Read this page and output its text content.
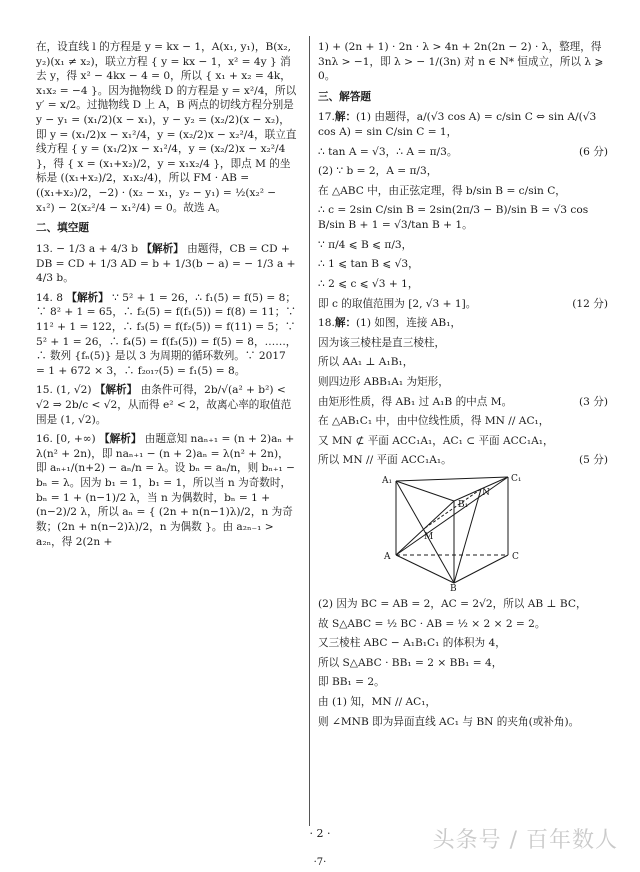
在，设直线 l 的方程是 y = kx − 1，A(x₁, y₁)，B(x₂, y₂)(x₁ ≠ x₂)，联立方程 { y = kx − 1，x² = 4y } 消去 y，得 x² − 4kx − 4 = 0，所以 { x₁ + x₂ = 4k，x₁x₂ = −4 }。因为抛物线 D 的方程是 y = x²/4，所以 y′ = x/2。过抛物线 D 上 A，B 两点的切线方程分别是 y − y₁ = (x₁/2)(x − x₁)，y − y₂ = (x₂/2)(x − x₂)，即 y = (x₁/2)x − x₁²/4，y = (x₂/2)x − x₂²/4，联立直线方程 { y = (x₁/2)x − x₁²/4，y = (x₂/2)x − x₂²/4 }，得 { x = (x₁+x₂)/2，y = x₁x₂/4 }，即点 M 的坐标是 ((x₁+x₂)/2，x₁x₂/4)，所以 FM · AB = ((x₁+x₂)/2，−2) · (x₂ − x₁，y₂ − y₁) = ½(x₂² − x₁²) − 2(x₂²/4 − x₁²/4) = 0。故选 A。
二、填空题
13. − 1/3 a + 4/3 b 【解析】 由题得，CB = CD + DB = CD + 1/3 AD = b + 1/3(b − a) = − 1/3 a + 4/3 b。
14. 8 【解析】 ∵ 5² + 1 = 26，∴ f₁(5) = f(5) = 8；∵ 8² + 1 = 65，∴ f₂(5) = f(f₁(5)) = f(8) = 11；∵ 11² + 1 = 122，∴ f₃(5) = f(f₂(5)) = f(11) = 5；∵ 5² + 1 = 26，∴ f₄(5) = f(f₃(5)) = f(5) = 8，……，∴ 数列 {fₙ(5)} 是以 3 为周期的循环数列。∵ 2017 = 1 + 672 × 3，∴ f₂₀₁₇(5) = f₁(5) = 8。
15. (1, √2) 【解析】 由条件可得，2b/√(a² + b²) < √2 ⇒ 2b/c < √2，从而得 e² < 2，故离心率的取值范围是 (1, √2)。
16. [0, +∞) 【解析】 由题意知 naₙ₊₁ = (n + 2)aₙ + λ(n² + 2n)，即 naₙ₊₁ − (n + 2)aₙ = λ(n² + 2n)，即 aₙ₊₁/(n+2) − aₙ/n = λ。设 bₙ = aₙ/n，则 bₙ₊₁ − bₙ = λ。因为 b₁ = 1，b₁ = 1，所以当 n 为奇数时，bₙ = 1 + (n−1)/2 λ，当 n 为偶数时，bₙ = 1 + (n−2)/2 λ，所以 aₙ = { (2n + n(n−1)λ)/2，n 为奇数；(2n + n(n−2)λ)/2，n 为偶数 }。由 a₂ₙ₋₁ > a₂ₙ，得 2(2n +
1) + (2n + 1) · 2n · λ > 4n + 2n(2n − 2) · λ，整理，得 3nλ > −1，即 λ > − 1/(3n) 对 n ∈ N* 恒成立，所以 λ ⩾ 0。
三、解答题
17.解：(1) 由题得，a/(√3 cos A) = c/sin C ⇔ sin A/(√3 cos A) = sin C/sin C = 1，
∴ tan A = √3，∴ A = π/3。	(6 分)
(2) ∵ b = 2，A = π/3，
在 △ABC 中，由正弦定理，得 b/sin B = c/sin C，
∴ c = 2sin C/sin B = 2sin(2π/3 − B)/sin B = √3 cos B/sin B + 1 = √3/tan B + 1。
∵ π/4 ⩽ B ⩽ π/3，
∴ 1 ⩽ tan B ⩽ √3，
∴ 2 ⩽ c ⩽ √3 + 1，
即 c 的取值范围为 [2, √3 + 1]。	(12 分)
18.解：(1) 如图，连接 AB₁，
因为该三棱柱是直三棱柱，
所以 AA₁ ⊥ A₁B₁，
则四边形 ABB₁A₁ 为矩形，
由矩形性质，得 AB₁ 过 A₁B 的中点 M。	(3 分)
在 △AB₁C₁ 中，由中位线性质，得 MN // AC₁，
又 MN ⊄ 平面 ACC₁A₁，AC₁ ⊂ 平面 ACC₁A₁，
所以 MN // 平面 ACC₁A₁。	(5 分)
A₁	C₁
B₁
N
M
A	C
B
(2) 因为 BC = AB = 2，AC = 2√2，所以 AB ⊥ BC，
故 S△ABC = ½ BC · AB = ½ × 2 × 2 = 2。
又三棱柱 ABC − A₁B₁C₁ 的体积为 4，
所以 S△ABC · BB₁ = 2 × BB₁ = 4，
即 BB₁ = 2。
由 (1) 知，MN // AC₁，
则 ∠MNB 即为异面直线 AC₁ 与 BN 的夹角(或补角)。
· 2 ·
·7·
头条号 / 百年数人
